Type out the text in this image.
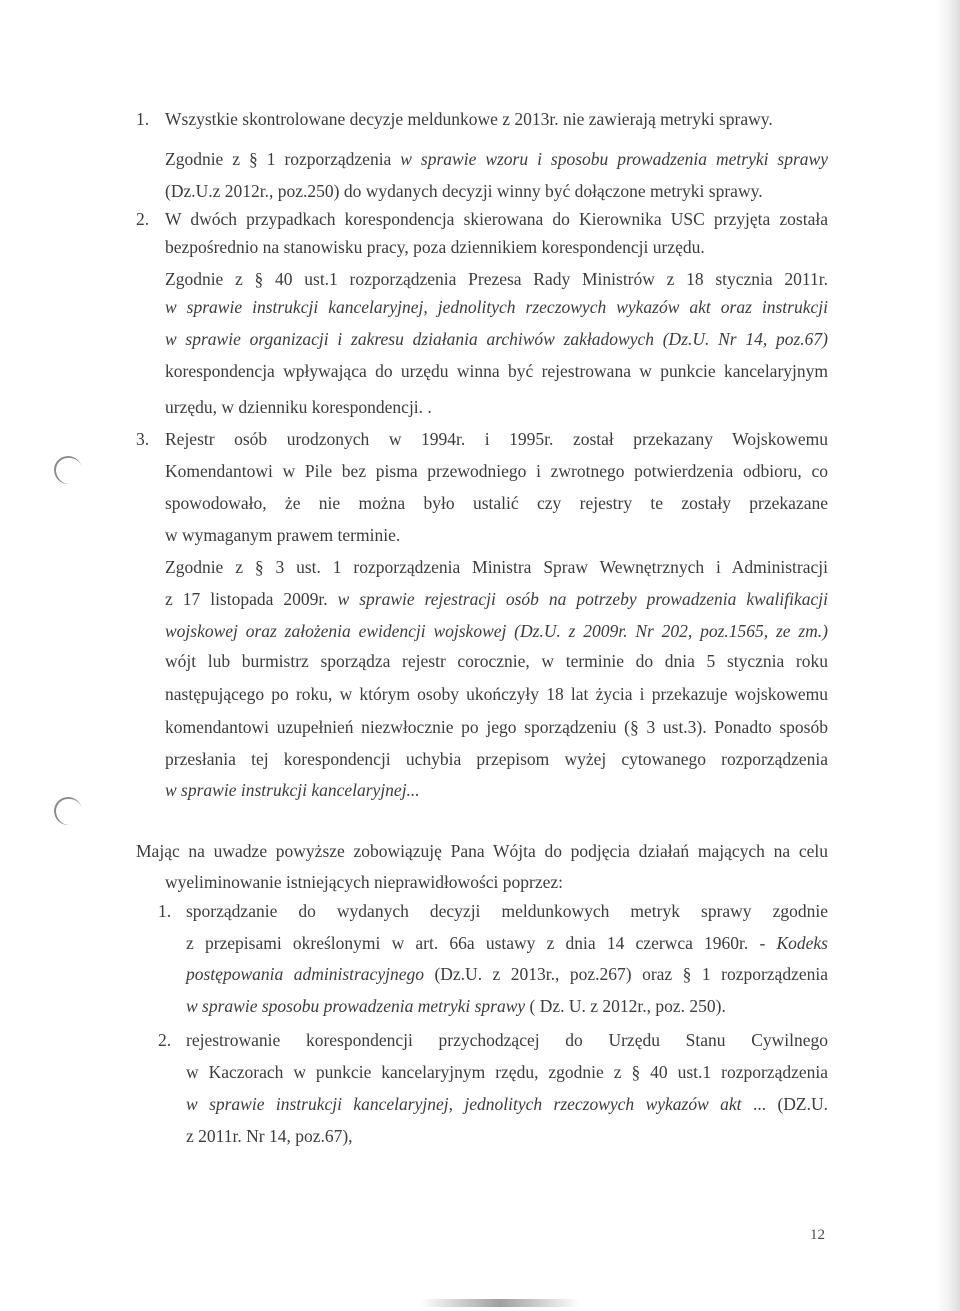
1. Wszystkie skontrolowane decyzje meldunkowe z 2013r. nie zawierają metryki sprawy.
Zgodnie z § 1 rozporządzenia w sprawie wzoru i sposobu prowadzenia metryki sprawy
(Dz.U.z 2012r., poz.250) do wydanych decyzji winny być dołączone metryki sprawy.
2. W dwóch przypadkach korespondencja skierowana do Kierownika USC przyjęta została
bezpośrednio na stanowisku pracy, poza dziennikiem korespondencji urzędu.
Zgodnie z § 40 ust.1 rozporządzenia Prezesa Rady Ministrów z 18 stycznia 2011r.
w sprawie instrukcji kancelaryjnej, jednolitych rzeczowych wykazów akt oraz instrukcji
w sprawie organizacji i zakresu działania archiwów zakładowych (Dz.U. Nr 14, poz.67)
korespondencja wpływająca do urzędu winna być rejestrowana w punkcie kancelaryjnym
urzędu, w dzienniku korespondencji. .
3. Rejestr osób urodzonych w 1994r. i 1995r. został przekazany Wojskowemu
Komendantowi w Pile bez pisma przewodniego i zwrotnego potwierdzenia odbioru, co
spowodowało, że nie można było ustalić czy rejestry te zostały przekazane
w wymaganym prawem terminie.
Zgodnie z § 3 ust. 1 rozporządzenia Ministra Spraw Wewnętrznych i Administracji
z 17 listopada 2009r. w sprawie rejestracji osób na potrzeby prowadzenia kwalifikacji
wojskowej oraz założenia ewidencji wojskowej (Dz.U. z 2009r. Nr 202, poz.1565, ze zm.)
wójt lub burmistrz sporządza rejestr corocznie, w terminie do dnia 5 stycznia roku
następującego po roku, w którym osoby ukończyły 18 lat życia i przekazuje wojskowemu
komendantowi uzupełnień niezwłocznie po jego sporządzeniu (§ 3 ust.3). Ponadto sposób
przesłania tej korespondencji uchybia przepisom wyżej cytowanego rozporządzenia
w sprawie instrukcji kancelaryjnej...
Mając na uwadze powyższe zobowiązuję Pana Wójta do podjęcia działań mających na celu
wyeliminowanie istniejących nieprawidłowości poprzez:
1. sporządzanie do wydanych decyzji meldunkowych metryk sprawy zgodnie
z przepisami określonymi w art. 66a ustawy z dnia 14 czerwca 1960r. - Kodeks
postępowania administracyjnego (Dz.U. z 2013r., poz.267) oraz § 1 rozporządzenia
w sprawie sposobu prowadzenia metryki sprawy ( Dz. U. z 2012r., poz. 250).
2. rejestrowanie korespondencji przychodzącej do Urzędu Stanu Cywilnego
w Kaczorach w punkcie kancelaryjnym rzędu, zgodnie z § 40 ust.1 rozporządzenia
w sprawie instrukcji kancelaryjnej, jednolitych rzeczowych wykazów akt ... (DZ.U.
z 2011r. Nr 14, poz.67),
12
